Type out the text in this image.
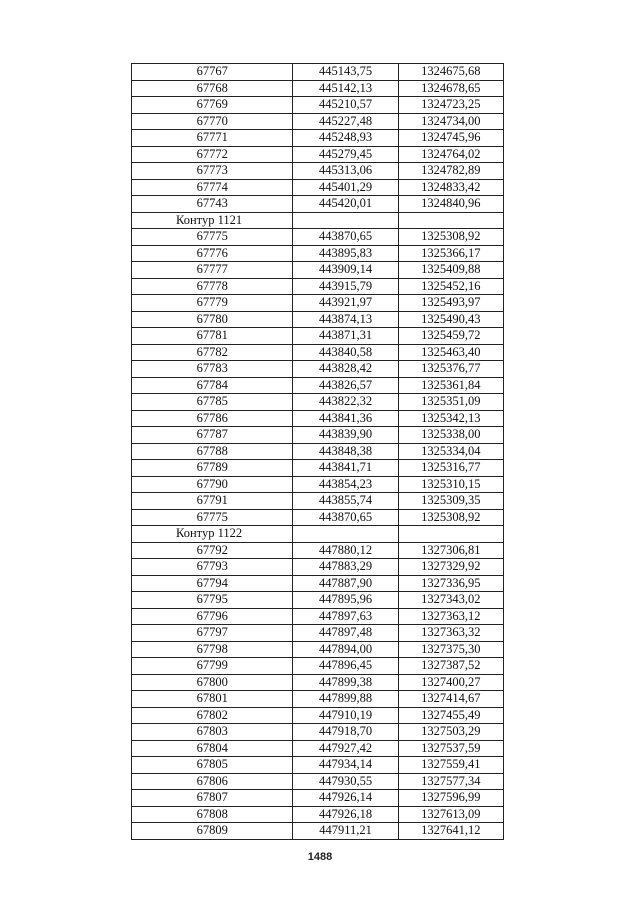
67767	445143,75	1324675,68
67768	445142,13	1324678,65
67769	445210,57	1324723,25
67770	445227,48	1324734,00
67771	445248,93	1324745,96
67772	445279,45	1324764,02
67773	445313,06	1324782,89
67774	445401,29	1324833,42
67743	445420,01	1324840,96
Контур 1121		
67775	443870,65	1325308,92
67776	443895,83	1325366,17
67777	443909,14	1325409,88
67778	443915,79	1325452,16
67779	443921,97	1325493,97
67780	443874,13	1325490,43
67781	443871,31	1325459,72
67782	443840,58	1325463,40
67783	443828,42	1325376,77
67784	443826,57	1325361,84
67785	443822,32	1325351,09
67786	443841,36	1325342,13
67787	443839,90	1325338,00
67788	443848,38	1325334,04
67789	443841,71	1325316,77
67790	443854,23	1325310,15
67791	443855,74	1325309,35
67775	443870,65	1325308,92
Контур 1122		
67792	447880,12	1327306,81
67793	447883,29	1327329,92
67794	447887,90	1327336,95
67795	447895,96	1327343,02
67796	447897,63	1327363,12
67797	447897,48	1327363,32
67798	447894,00	1327375,30
67799	447896,45	1327387,52
67800	447899,38	1327400,27
67801	447899,88	1327414,67
67802	447910,19	1327455,49
67803	447918,70	1327503,29
67804	447927,42	1327537,59
67805	447934,14	1327559,41
67806	447930,55	1327577,34
67807	447926,14	1327596,99
67808	447926,18	1327613,09
67809	447911,21	1327641,12
1488
